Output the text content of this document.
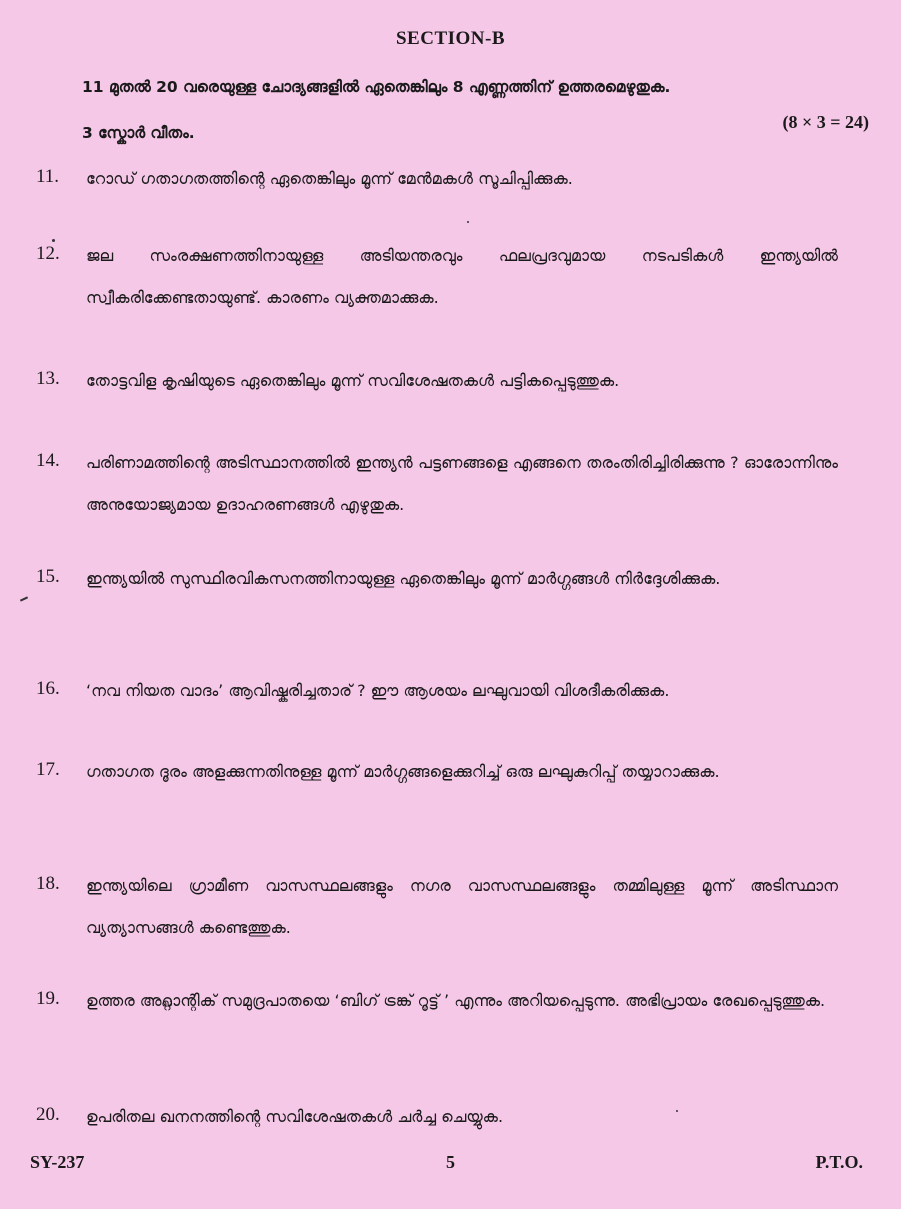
SECTION-B
11 മുതൽ 20 വരെയുള്ള ചോദ്യങ്ങളിൽ ഏതെങ്കിലും 8 എണ്ണത്തിന് ഉത്തരമെഴുതുക.
3 സ്കോർ വീതം.
(8 × 3 = 24)
11.	റോഡ് ഗതാഗതത്തിന്റെ ഏതെങ്കിലും മൂന്ന് മേൻമകൾ സൂചിപ്പിക്കുക.
12.	ജല സംരക്ഷണത്തിനായുള്ള അടിയന്തരവും ഫലപ്രദവുമായ നടപടികൾ ഇന്ത്യയിൽ സ്വീകരിക്കേണ്ടതായുണ്ട്. കാരണം വ്യക്തമാക്കുക.
13.	തോട്ടവിള കൃഷിയുടെ ഏതെങ്കിലും മൂന്ന് സവിശേഷതകൾ പട്ടികപ്പെടുത്തുക.
14.	പരിണാമത്തിന്റെ അടിസ്ഥാനത്തിൽ ഇന്ത്യൻ പട്ടണങ്ങളെ എങ്ങനെ തരംതിരിച്ചിരിക്കുന്നു ? ഓരോന്നിനും അനുയോജ്യമായ ഉദാഹരണങ്ങൾ എഴുതുക.
15.	ഇന്ത്യയിൽ സുസ്ഥിരവികസനത്തിനായുള്ള ഏതെങ്കിലും മൂന്ന് മാർഗ്ഗങ്ങൾ നിർദ്ദേശിക്കുക.
16.	‘നവ നിയത വാദം’ ആവിഷ്കരിച്ചതാര് ? ഈ ആശയം ലഘുവായി വിശദീകരിക്കുക.
17.	ഗതാഗത ദൂരം അളക്കുന്നതിനുള്ള മൂന്ന് മാർഗ്ഗങ്ങളെക്കുറിച്ച് ഒരു ലഘുകുറിപ്പ് തയ്യാറാക്കുക.
18.	ഇന്ത്യയിലെ ഗ്രാമീണ വാസസ്ഥലങ്ങളും നഗര വാസസ്ഥലങ്ങളും തമ്മിലുള്ള മൂന്ന് അടിസ്ഥാന വ്യത്യാസങ്ങൾ കണ്ടെത്തുക.
19.	ഉത്തര അറ്റ്ലാന്റിക് സമുദ്രപാതയെ ‘ബിഗ് ട്രങ്ക് റൂട്ട് ’ എന്നും അറിയപ്പെടുന്നു. അഭിപ്രായം രേഖപ്പെടുത്തുക.
20.	ഉപരിതല ഖനനത്തിന്റെ സവിശേഷതകൾ ചർച്ച ചെയ്യുക.
SY-237	5	P.T.O.
